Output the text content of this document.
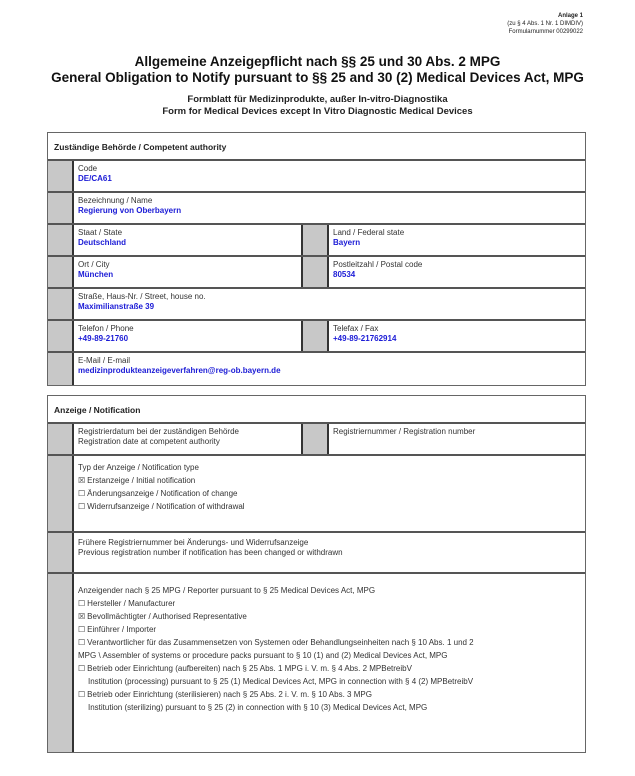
Anlage 1
(zu § 4 Abs. 1 Nr. 1 DIMDIV)
Formularnummer 00299022
Allgemeine Anzeigepflicht nach §§ 25 und 30 Abs. 2 MPG
General Obligation to Notify pursuant to §§ 25 and 30 (2) Medical Devices Act, MPG
Formblatt für Medizinprodukte, außer In-vitro-Diagnostika
Form for Medical Devices except In Vitro Diagnostic Medical Devices
Zuständige Behörde / Competent authority
Code
DE/CA61
Bezeichnung / Name
Regierung von Oberbayern
Staat / State
Deutschland
Land / Federal state
Bayern
Ort / City
München
Postleitzahl / Postal code
80534
Straße, Haus-Nr. / Street, house no.
Maximilianstraße 39
Telefon / Phone
+49-89-21760
Telefax / Fax
+49-89-21762914
E-Mail / E-mail
medizinprodukteanzeigeverfahren@reg-ob.bayern.de
Anzeige / Notification
Registrierdatum bei der zuständigen Behörde
Registration date at competent authority
Registriernummer / Registration number
Typ der Anzeige / Notification type
☒ Erstanzeige / Initial notification
☐ Änderungsanzeige / Notification of change
☐ Widerrufsanzeige / Notification of withdrawal
Frühere Registriernummer bei Änderungs- und Widerrufsanzeige
Previous registration number if notification has been changed or withdrawn
Anzeigender nach § 25 MPG / Reporter pursuant to § 25 Medical Devices Act, MPG
☐ Hersteller / Manufacturer
☒ Bevollmächtigter / Authorised Representative
☐ Einführer / Importer
☐ Verantwortlicher für das Zusammensetzen von Systemen oder Behandlungseinheiten nach § 10 Abs. 1 und 2
MPG \ Assembler of systems or procedure packs pursuant to § 10 (1) and (2) Medical Devices Act, MPG
☐ Betrieb oder Einrichtung (aufbereiten) nach § 25 Abs. 1 MPG i. V. m. § 4 Abs. 2 MPBetreibV
Institution (processing) pursuant to § 25 (1) Medical Devices Act, MPG in connection with § 4 (2) MPBetreibV
☐ Betrieb oder Einrichtung (sterilisieren) nach § 25 Abs. 2 i. V. m. § 10 Abs. 3 MPG
Institution (sterilizing) pursuant to § 25 (2) in connection with § 10 (3) Medical Devices Act, MPG
